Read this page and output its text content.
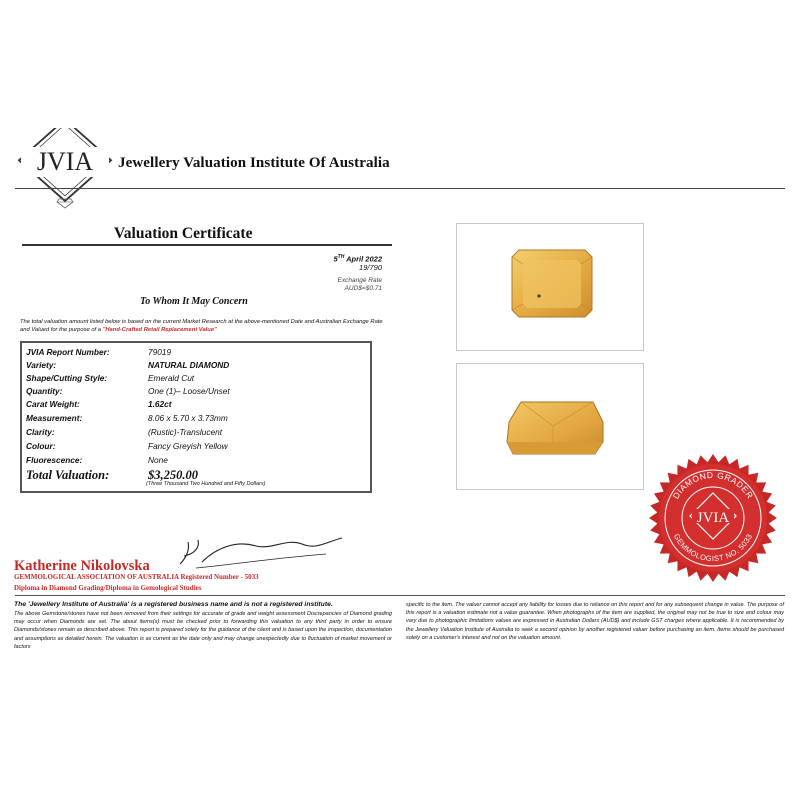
JVIA Jewellery Valuation Institute Of Australia
Valuation Certificate
5TH April 2022
19/790
Exchange Rate
AUD$=$0.71
To Whom It May Concern
The total valuation amount listed below is based on the current Market Research at the above-mentioned Date and Australian Exchange Rate and Valued for the purpose of a "Hand-Crafted Retail Replacement Value"
JVIA Report Number:	79019
Variety:	NATURAL DIAMOND
Shape/Cutting Style:	Emerald Cut
Quantity:	One (1)– Loose/Unset
Carat Weight:	1.62ct
Measurement:	8.06 x 5.70 x 3.73mm
Clarity:	(Rustic)-Translucent
Colour:	Fancy Greyish Yellow
Fluorescence:	None
Total Valuation:	$3,250.00
(Three Thousand Two Hundred and Fifty Dollars)
Katherine Nikolovska
GEMMOLOGICAL ASSOCIATION OF AUSTRALIA Registered Number - 5033
Diploma in Diamond Grading/Diploma in Gemological Studies
DIAMOND GRADER
GEMMOLOGIST NO. 5033
JVIA
The 'Jewellery Institute of Australia' is a registered business name and is not a registered institute.
The above Gemstone/stones have not been removed from their settings for accurate of grade and weight assessment Discrepancies of Diamond grading may occur when Diamonds are set. The about items(s) must be checked prior to forwarding this valuation to any third party in order to ensure Diamonds/stones remain as described above. This report is prepared solely for the guidance of the client and is based upon the inspection, documentation and assumptions as detailed herein. The valuation is as current as the date only and may change unexpectedly due to fluctuation of market movement or factors
specific to the item. The valuer cannot accept any liability for losses due to reliance on this report and for any subsequent change in value. The purpose of this report is a valuation estimate not a value guarantee. When photographs of the item are supplied, the original may not be true to size and colour may vary due to photographic limitations values are expressed in Australian Dollars (AUD$) and include GST charges where applicable. It is recommended by the Jewellery Valuation Institute of Australia to seek a second opinion by another registered valuer before purchasing an item. Items should be purchased solely on a customer's interest and not on the valuation amount.
